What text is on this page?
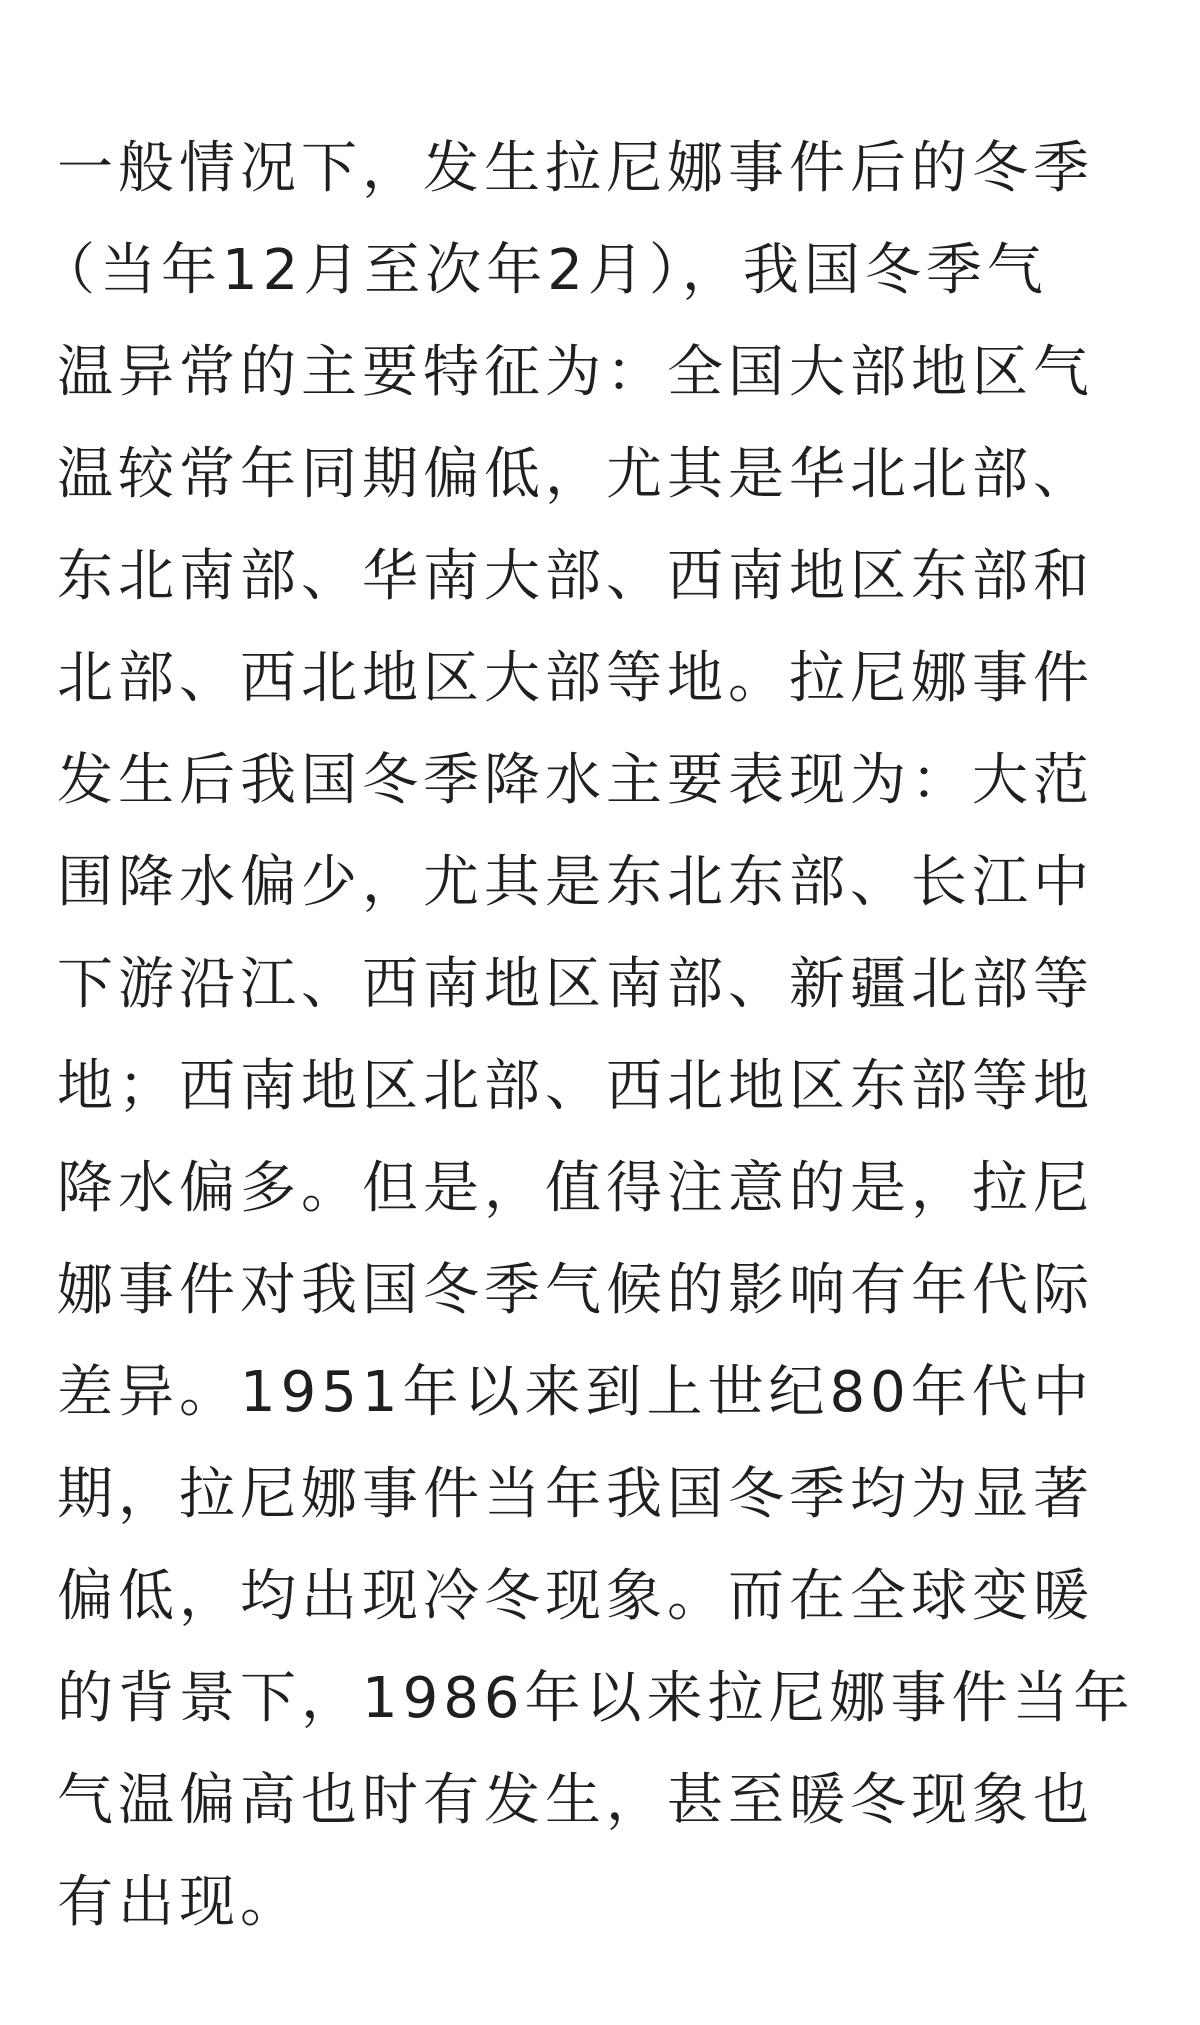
一般情况下，发生拉尼娜事件后的冬季
（当年12月至次年2月），我国冬季气
温异常的主要特征为：全国大部地区气
温较常年同期偏低，尤其是华北北部、
东北南部、华南大部、西南地区东部和
北部、西北地区大部等地。拉尼娜事件
发生后我国冬季降水主要表现为：大范
围降水偏少，尤其是东北东部、长江中
下游沿江、西南地区南部、新疆北部等
地；西南地区北部、西北地区东部等地
降水偏多。但是，值得注意的是，拉尼
娜事件对我国冬季气候的影响有年代际
差异。1951年以来到上世纪80年代中
期，拉尼娜事件当年我国冬季均为显著
偏低，均出现冷冬现象。而在全球变暖
的背景下，1986年以来拉尼娜事件当年
气温偏高也时有发生，甚至暖冬现象也
有出现。
